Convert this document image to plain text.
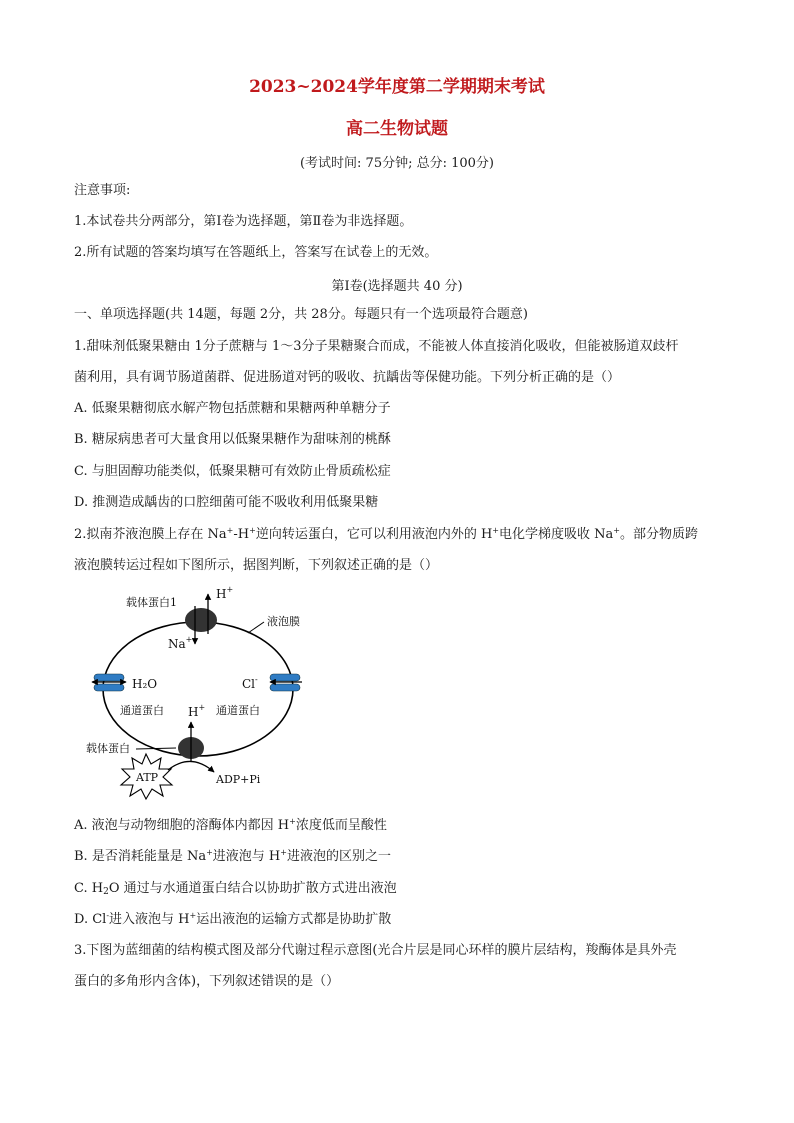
2023~2024学年度第二学期期末考试
高二生物试题
(考试时间: 75分钟; 总分: 100分)
注意事项:
1.本试卷共分两部分，第Ⅰ卷为选择题，第Ⅱ卷为非选择题。
2.所有试题的答案均填写在答题纸上，答案写在试卷上的无效。
第Ⅰ卷(选择题共 40 分)
一、单项选择题(共 14题，每题 2分，共 28分。每题只有一个选项最符合题意)
1.甜味剂低聚果糖由 1分子蔗糖与 1～3分子果糖聚合而成，不能被人体直接消化吸收，但能被肠道双歧杆
菌利用，具有调节肠道菌群、促进肠道对钙的吸收、抗龋齿等保健功能。下列分析正确的是（）
A. 低聚果糖彻底水解产物包括蔗糖和果糖两种单糖分子
B. 糖尿病患者可大量食用以低聚果糖作为甜味剂的桃酥
C. 与胆固醇功能类似，低聚果糖可有效防止骨质疏松症
D. 推测造成龋齿的口腔细菌可能不吸收利用低聚果糖
2.拟南芥液泡膜上存在 Na+-H+逆向转运蛋白，它可以利用液泡内外的 H+电化学梯度吸收 Na+。部分物质跨
液泡膜转运过程如下图所示，据图判断，下列叙述正确的是（）
载体蛋白1
H+
Na+
液泡膜
H₂O
通道蛋白
Cl-
通道蛋白
H+
载体蛋白
ATP	ADP+Pi
A. 液泡与动物细胞的溶酶体内都因 H+浓度低而呈酸性
B. 是否消耗能量是 Na+进液泡与 H+进液泡的区别之一
C. $H_2O$ 通过与水通道蛋白结合以协助扩散方式进出液泡
D. Cl-进入液泡与 H+运出液泡的运输方式都是协助扩散
3.下图为蓝细菌的结构模式图及部分代谢过程示意图(光合片层是同心环样的膜片层结构，羧酶体是具外壳
蛋白的多角形内含体)，下列叙述错误的是（）
